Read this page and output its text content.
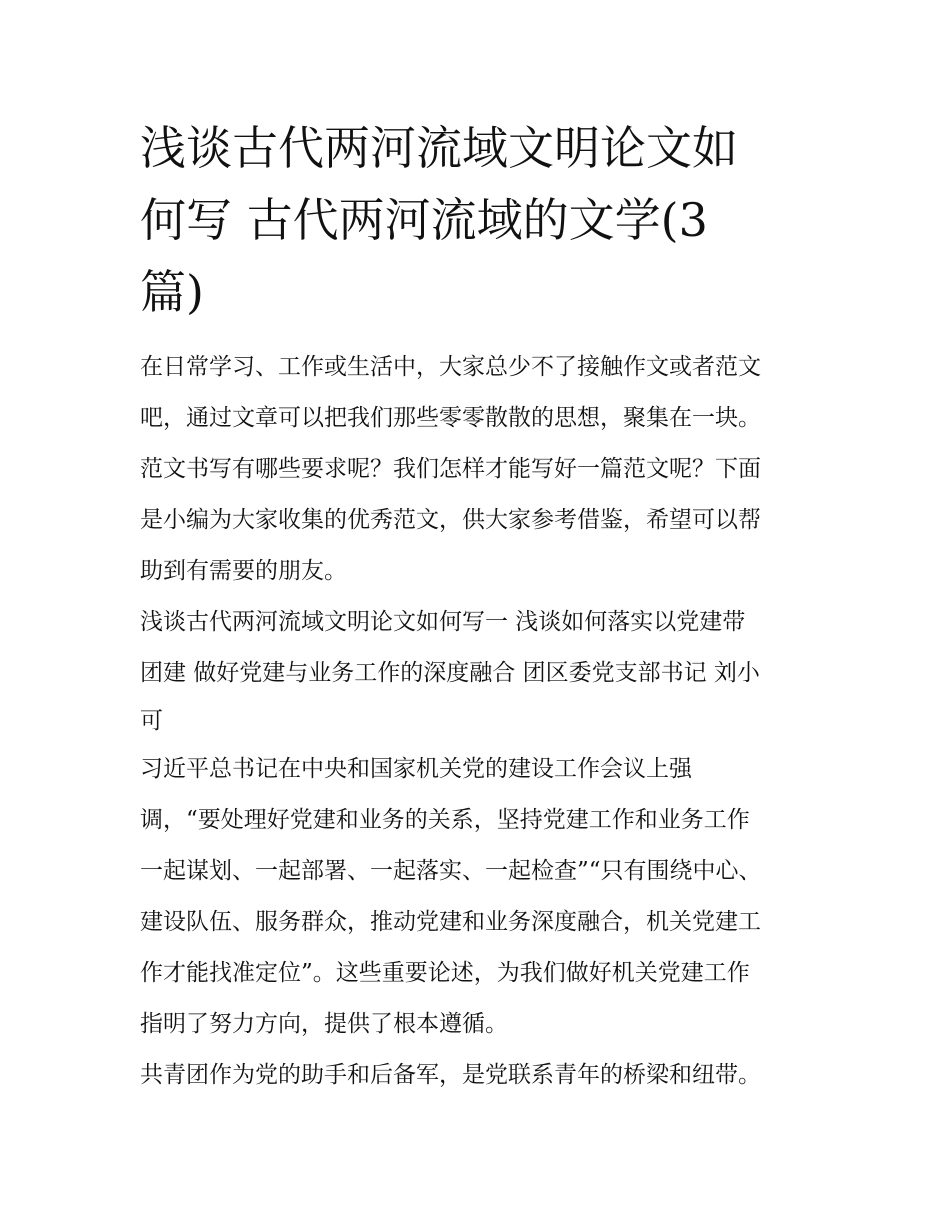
浅谈古代两河流域文明论文如
何写 古代两河流域的文学(3
篇)

在日常学习、工作或生活中，大家总少不了接触作文或者范文
吧，通过文章可以把我们那些零零散散的思想，聚集在一块。
范文书写有哪些要求呢？我们怎样才能写好一篇范文呢？下面
是小编为大家收集的优秀范文，供大家参考借鉴，希望可以帮
助到有需要的朋友。

浅谈古代两河流域文明论文如何写一 浅谈如何落实以党建带
团建 做好党建与业务工作的深度融合 团区委党支部书记 刘小
可

习近平总书记在中央和国家机关党的建设工作会议上强
调，“要处理好党建和业务的关系，坚持党建工作和业务工作
一起谋划、一起部署、一起落实、一起检查”“只有围绕中心、
建设队伍、服务群众，推动党建和业务深度融合，机关党建工
作才能找准定位”。这些重要论述，为我们做好机关党建工作
指明了努力方向，提供了根本遵循。

共青团作为党的助手和后备军，是党联系青年的桥梁和纽带。
